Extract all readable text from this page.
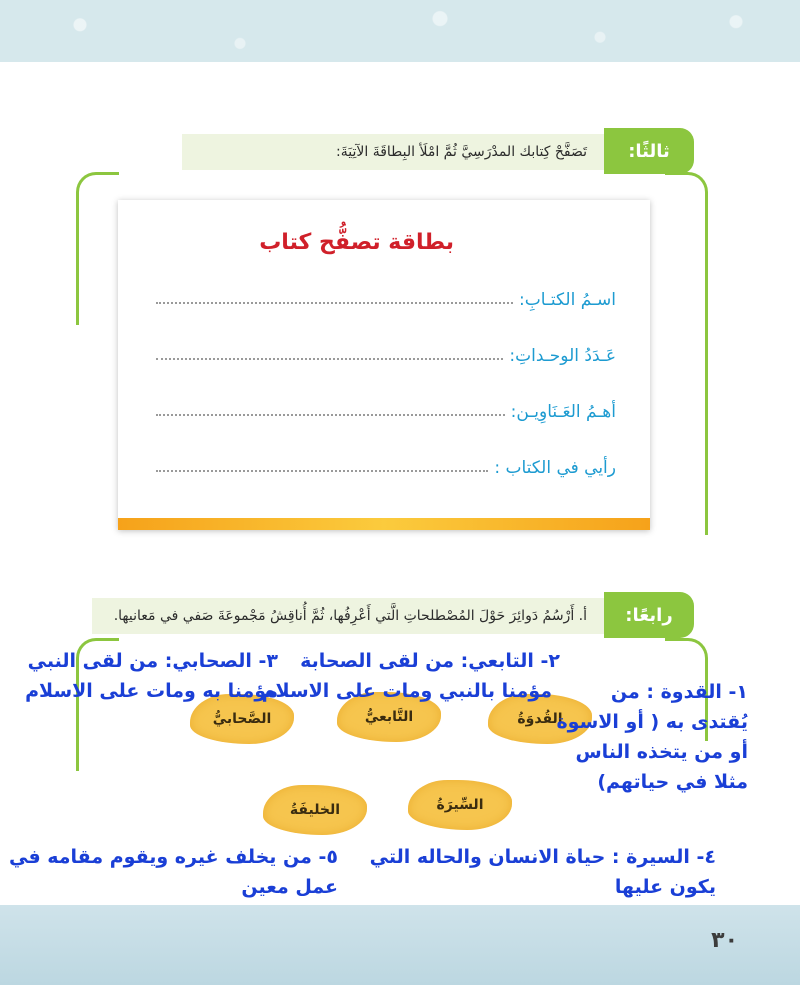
ثالثًا:
تَصَفَّحْ كِتابك المدْرَسِيَّ ثُمَّ امْلَأ البِطاقَةَ الآتِيَةَ:
بطاقة تصفُّح كتاب
اسـمُ الكتـابِ:
عَـدَدُ الوحـداتِ:
أهـمُ العَـنَاوِيـن:
رأيي في الكتاب :
رابعًا:
أ. أَرْسُمُ دَوائِرَ حَوْلَ المُصْطلحاتِ الَّتي أَعْرِفُها، ثُمَّ أُناقِشُ مَجْموعَةَ صَفي في مَعانيها.
القُدوَةُ
التَّابعيُّ
الصَّحابيُّ
السِّيرَةُ
الخليفَةُ
١- القدوة : من
يُقتدى به ( أو الاسوة
أو من يتخذه الناس
مثلا في حياتهم)
٢- التابعي: من لقى الصحابة
مؤمنا بالنبي ومات على الاسلام
٣- الصحابي: من لقى النبي
مؤمنا به ومات على الاسلام
٤- السيرة : حياة الانسان والحاله التي
يكون عليها
٥- من يخلف غيره ويقوم مقامه في
عمل معين
٣٠
